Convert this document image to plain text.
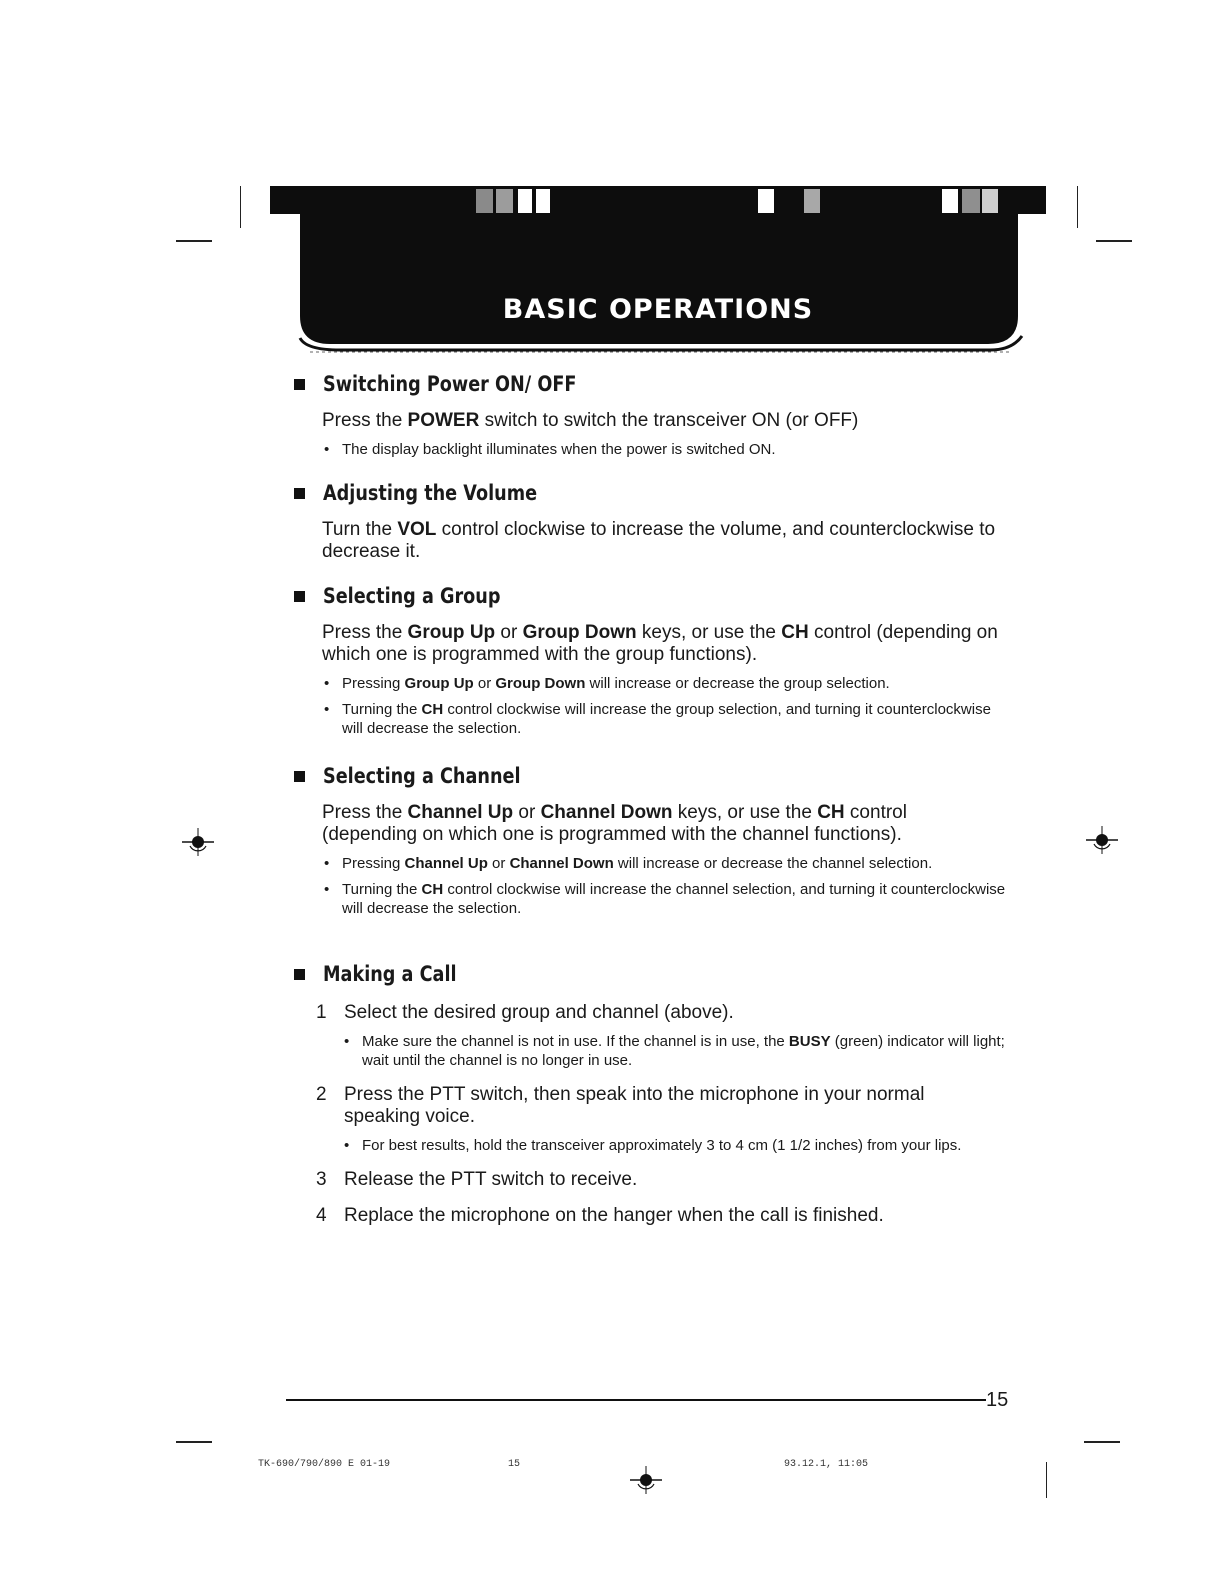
BASIC OPERATIONS
Switching Power ON/ OFF
Press the POWER switch to switch the transceiver ON (or OFF)
• The display backlight illuminates when the power is switched ON.
Adjusting the Volume
Turn the VOL control clockwise to increase the volume, and counterclockwise to decrease it.
Selecting a Group
Press the Group Up or Group Down keys, or use the CH control (depending on which one is programmed with the group functions).
• Pressing Group Up or Group Down will increase or decrease the group selection.
• Turning the CH control clockwise will increase the group selection, and turning it counterclockwise will decrease the selection.
Selecting a Channel
Press the Channel Up or Channel Down keys, or use the CH control (depending on which one is programmed with the channel functions).
• Pressing Channel Up or Channel Down will increase or decrease the channel selection.
• Turning the CH control clockwise will increase the channel selection, and turning it counterclockwise will decrease the selection.
Making a Call
1 Select the desired group and channel (above).
• Make sure the channel is not in use. If the channel is in use, the BUSY (green) indicator will light; wait until the channel is no longer in use.
2 Press the PTT switch, then speak into the microphone in your normal speaking voice.
• For best results, hold the transceiver approximately 3 to 4 cm (1 1/2 inches) from your lips.
3 Release the PTT switch to receive.
4 Replace the microphone on the hanger when the call is finished.
15
TK-690/790/890 E 01-19	15	93.12.1, 11:05
